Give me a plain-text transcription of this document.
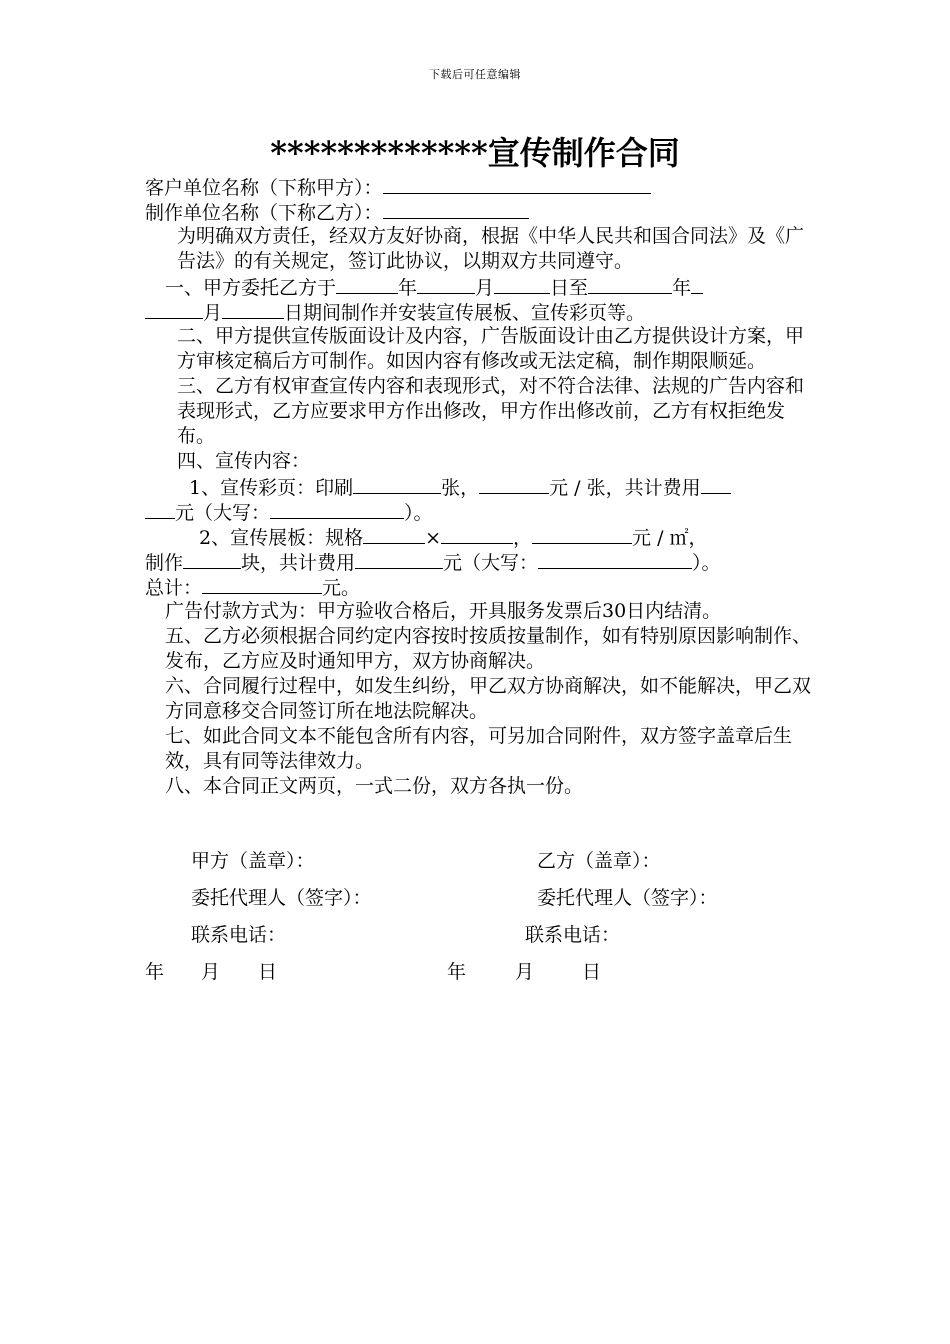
下载后可任意编辑
*************宣传制作合同
客户单位名称（下称甲方）：
制作单位名称（下称乙方）：
为明确双方责任，经双方友好协商，根据《中华人民共和国合同法》及《广告法》的有关规定，签订此协议，以期双方共同遵守。
一、甲方委托乙方于	年	月	日至	年
月	日期间制作并安装宣传展板、宣传彩页等。
二、甲方提供宣传版面设计及内容，广告版面设计由乙方提供设计方案，甲方审核定稿后方可制作。如因内容有修改或无法定稿，制作期限顺延。
三、乙方有权审查宣传内容和表现形式，对不符合法律、法规的广告内容和表现形式，乙方应要求甲方作出修改，甲方作出修改前，乙方有权拒绝发布。
四、宣传内容：
1、宣传彩页：印刷	张，	元 / 张，共计费用
元（大写：	）。
2、宣传展板：规格	×	，	元 / ㎡，
制作	块，共计费用	元（大写：	）。
总计：	元。
广告付款方式为：甲方验收合格后，开具服务发票后30日内结清。
五、乙方必须根据合同约定内容按时按质按量制作，如有特别原因影响制作、发布，乙方应及时通知甲方，双方协商解决。
六、合同履行过程中，如发生纠纷，甲乙双方协商解决，如不能解决，甲乙双方同意移交合同签订所在地法院解决。
七、如此合同文本不能包含所有内容，可另加合同附件，双方签字盖章后生效，具有同等法律效力。
八、本合同正文两页，一式二份，双方各执一份。
甲方（盖章）：	乙方（盖章）：
委托代理人（签字）：	委托代理人（签字）：
联系电话：	联系电话：
年 月 日	年	月	日
